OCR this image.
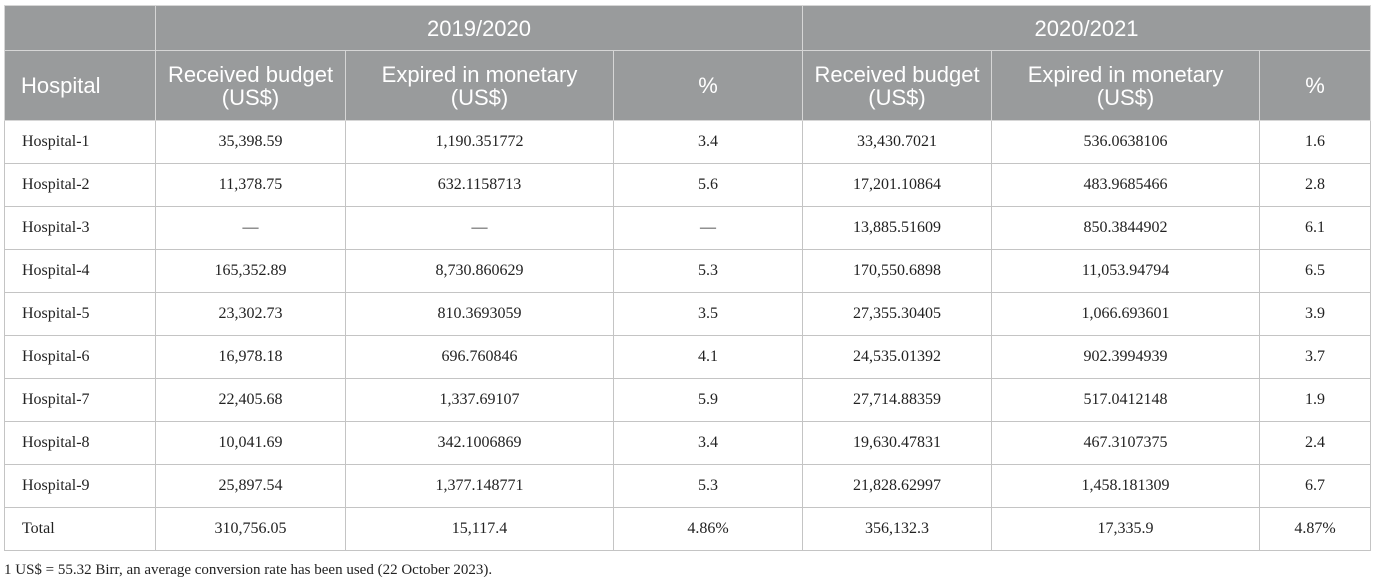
	2019/2020			2020/2021		
Hospital	Received budget (US$)	Expired in monetary (US$)	%	Received budget (US$)	Expired in monetary (US$)	%
Hospital-1	35,398.59	1,190.351772	3.4	33,430.7021	536.0638106	1.6
Hospital-2	11,378.75	632.1158713	5.6	17,201.10864	483.9685466	2.8
Hospital-3	—	—	—	13,885.51609	850.3844902	6.1
Hospital-4	165,352.89	8,730.860629	5.3	170,550.6898	11,053.94794	6.5
Hospital-5	23,302.73	810.3693059	3.5	27,355.30405	1,066.693601	3.9
Hospital-6	16,978.18	696.760846	4.1	24,535.01392	902.3994939	3.7
Hospital-7	22,405.68	1,337.69107	5.9	27,714.88359	517.0412148	1.9
Hospital-8	10,041.69	342.1006869	3.4	19,630.47831	467.3107375	2.4
Hospital-9	25,897.54	1,377.148771	5.3	21,828.62997	1,458.181309	6.7
Total	310,756.05	15,117.4	4.86%	356,132.3	17,335.9	4.87%
1 US$ = 55.32 Birr, an average conversion rate has been used (22 October 2023).
